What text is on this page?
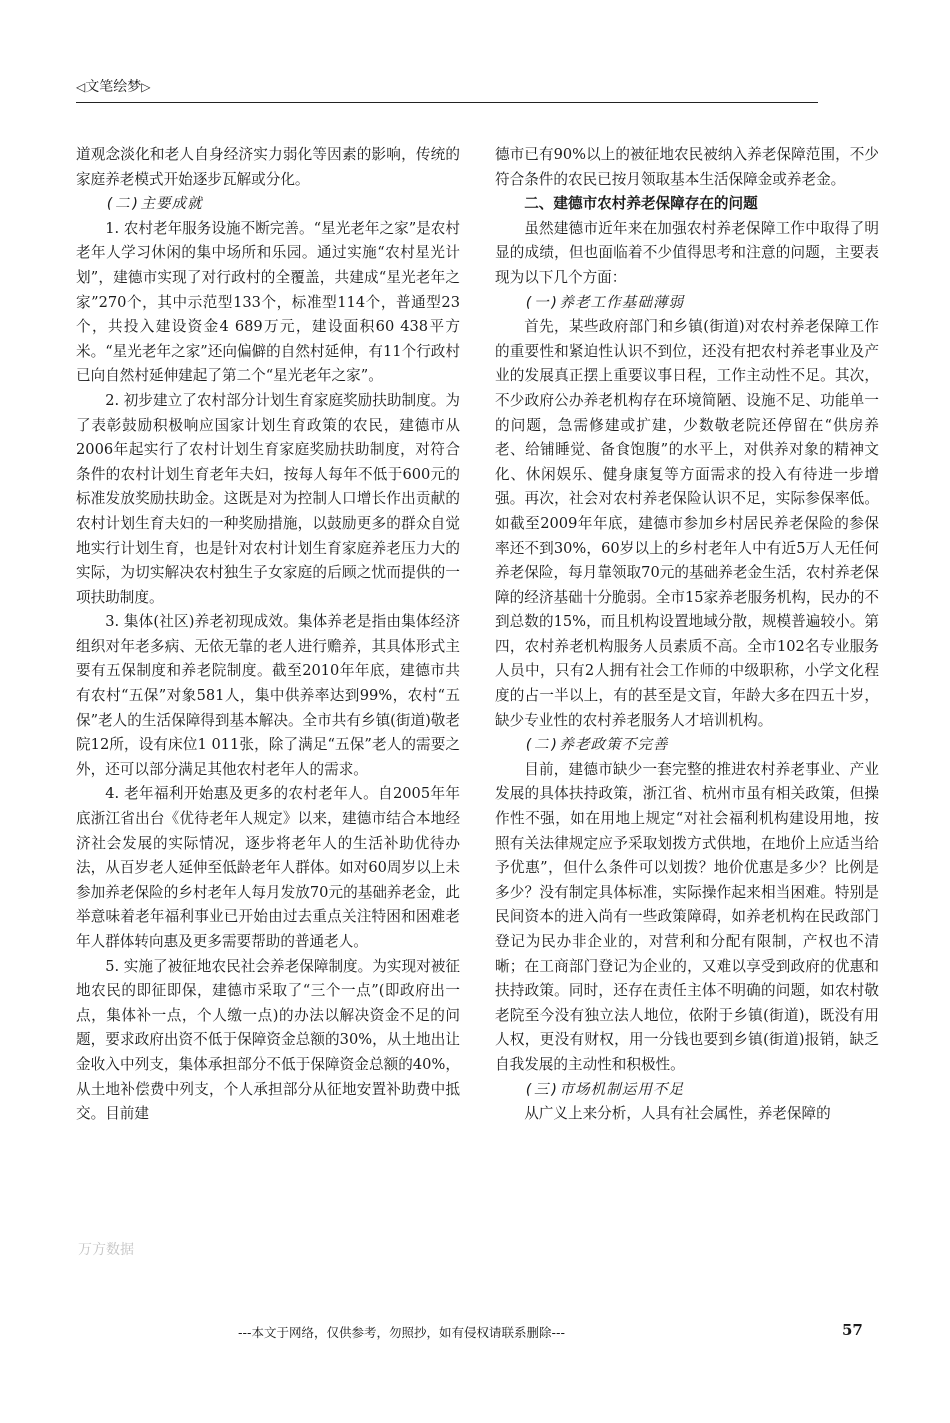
◁文笔绘梦▷

道观念淡化和老人自身经济实力弱化等因素的影响，传统的家庭养老模式开始逐步瓦解或分化。

(二)主要成就

1. 农村老年服务设施不断完善。“星光老年之家”是农村老年人学习休闲的集中场所和乐园。通过实施“农村星光计划”，建德市实现了对行政村的全覆盖，共建成“星光老年之家”270个，其中示范型133个，标准型114个，普通型23个，共投入建设资金4 689万元，建设面积60 438平方米。“星光老年之家”还向偏僻的自然村延伸，有11个行政村已向自然村延伸建起了第二个“星光老年之家”。

2. 初步建立了农村部分计划生育家庭奖励扶助制度。为了表彰鼓励积极响应国家计划生育政策的农民，建德市从2006年起实行了农村计划生育家庭奖励扶助制度，对符合条件的农村计划生育老年夫妇，按每人每年不低于600元的标准发放奖励扶助金。这既是对为控制人口增长作出贡献的农村计划生育夫妇的一种奖励措施，以鼓励更多的群众自觉地实行计划生育，也是针对农村计划生育家庭养老压力大的实际，为切实解决农村独生子女家庭的后顾之忧而提供的一项扶助制度。

3. 集体(社区)养老初现成效。集体养老是指由集体经济组织对年老多病、无依无靠的老人进行赡养，其具体形式主要有五保制度和养老院制度。截至2010年年底，建德市共有农村“五保”对象581人，集中供养率达到99%，农村“五保”老人的生活保障得到基本解决。全市共有乡镇(街道)敬老院12所，设有床位1 011张，除了满足“五保”老人的需要之外，还可以部分满足其他农村老年人的需求。

4. 老年福利开始惠及更多的农村老年人。自2005年年底浙江省出台《优待老年人规定》以来，建德市结合本地经济社会发展的实际情况，逐步将老年人的生活补助优待办法，从百岁老人延伸至低龄老年人群体。如对60周岁以上未参加养老保险的乡村老年人每月发放70元的基础养老金，此举意味着老年福利事业已开始由过去重点关注特困和困难老年人群体转向惠及更多需要帮助的普通老人。

5. 实施了被征地农民社会养老保障制度。为实现对被征地农民的即征即保，建德市采取了“三个一点”(即政府出一点，集体补一点，个人缴一点)的办法以解决资金不足的问题，要求政府出资不低于保障资金总额的30%，从土地出让金收入中列支，集体承担部分不低于保障资金总额的40%，从土地补偿费中列支，个人承担部分从征地安置补助费中抵交。目前建

德市已有90%以上的被征地农民被纳入养老保障范围，不少符合条件的农民已按月领取基本生活保障金或养老金。

二、建德市农村养老保障存在的问题

虽然建德市近年来在加强农村养老保障工作中取得了明显的成绩，但也面临着不少值得思考和注意的问题，主要表现为以下几个方面：

(一)养老工作基础薄弱

首先，某些政府部门和乡镇(街道)对农村养老保障工作的重要性和紧迫性认识不到位，还没有把农村养老事业及产业的发展真正摆上重要议事日程，工作主动性不足。其次，不少政府公办养老机构存在环境简陋、设施不足、功能单一的问题，急需修建或扩建，少数敬老院还停留在“供房养老、给铺睡觉、备食饱腹”的水平上，对供养对象的精神文化、休闲娱乐、健身康复等方面需求的投入有待进一步增强。再次，社会对农村养老保险认识不足，实际参保率低。如截至2009年年底，建德市参加乡村居民养老保险的参保率还不到30%，60岁以上的乡村老年人中有近5万人无任何养老保险，每月靠领取70元的基础养老金生活，农村养老保障的经济基础十分脆弱。全市15家养老服务机构，民办的不到总数的15%，而且机构设置地域分散，规模普遍较小。第四，农村养老机构服务人员素质不高。全市102名专业服务人员中，只有2人拥有社会工作师的中级职称，小学文化程度的占一半以上，有的甚至是文盲，年龄大多在四五十岁，缺少专业性的农村养老服务人才培训机构。

(二)养老政策不完善

目前，建德市缺少一套完整的推进农村养老事业、产业发展的具体扶持政策，浙江省、杭州市虽有相关政策，但操作性不强，如在用地上规定“对社会福利机构建设用地，按照有关法律规定应予采取划拨方式供地，在地价上应适当给予优惠”，但什么条件可以划拨？地价优惠是多少？比例是多少？没有制定具体标准，实际操作起来相当困难。特别是民间资本的进入尚有一些政策障碍，如养老机构在民政部门登记为民办非企业的，对营利和分配有限制，产权也不清晰；在工商部门登记为企业的，又难以享受到政府的优惠和扶持政策。同时，还存在责任主体不明确的问题，如农村敬老院至今没有独立法人地位，依附于乡镇(街道)，既没有用人权，更没有财权，用一分钱也要到乡镇(街道)报销，缺乏自我发展的主动性和积极性。

(三)市场机制运用不足

从广义上来分析，人具有社会属性，养老保障的

万方数据
---本文于网络，仅供参考，勿照抄，如有侵权请联系删除---	57
